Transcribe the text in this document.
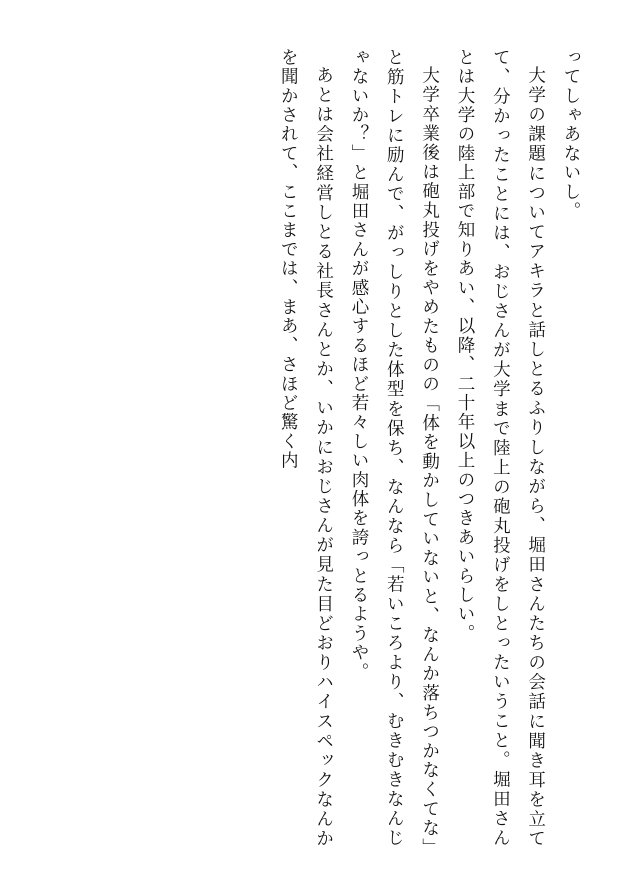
ってしゃあないし。

大学の課題についてアキラと話しとるふりしながら、堀田さんたちの会話に聞き耳を立てて、分かったことには、おじさんが大学まで陸上の砲丸投げをしとったいうこと。堀田さんとは大学の陸上部で知りあい、以降、二十年以上のつきあいらしい。

大学卒業後は砲丸投げをやめたものの「体を動かしていないと、なんか落ちつかなくてな」と筋トレに励んで、がっしりとした体型を保ち、なんなら「若いころより、むきむきなんじゃないか？」と堀田さんが感心するほど若々しい肉体を誇っとるようや。

あとは会社経営しとる社長さんとか、いかにおじさんが見た目どおりハイスペックなんかを聞かされて、ここまでは、まあ、さほど驚く内
